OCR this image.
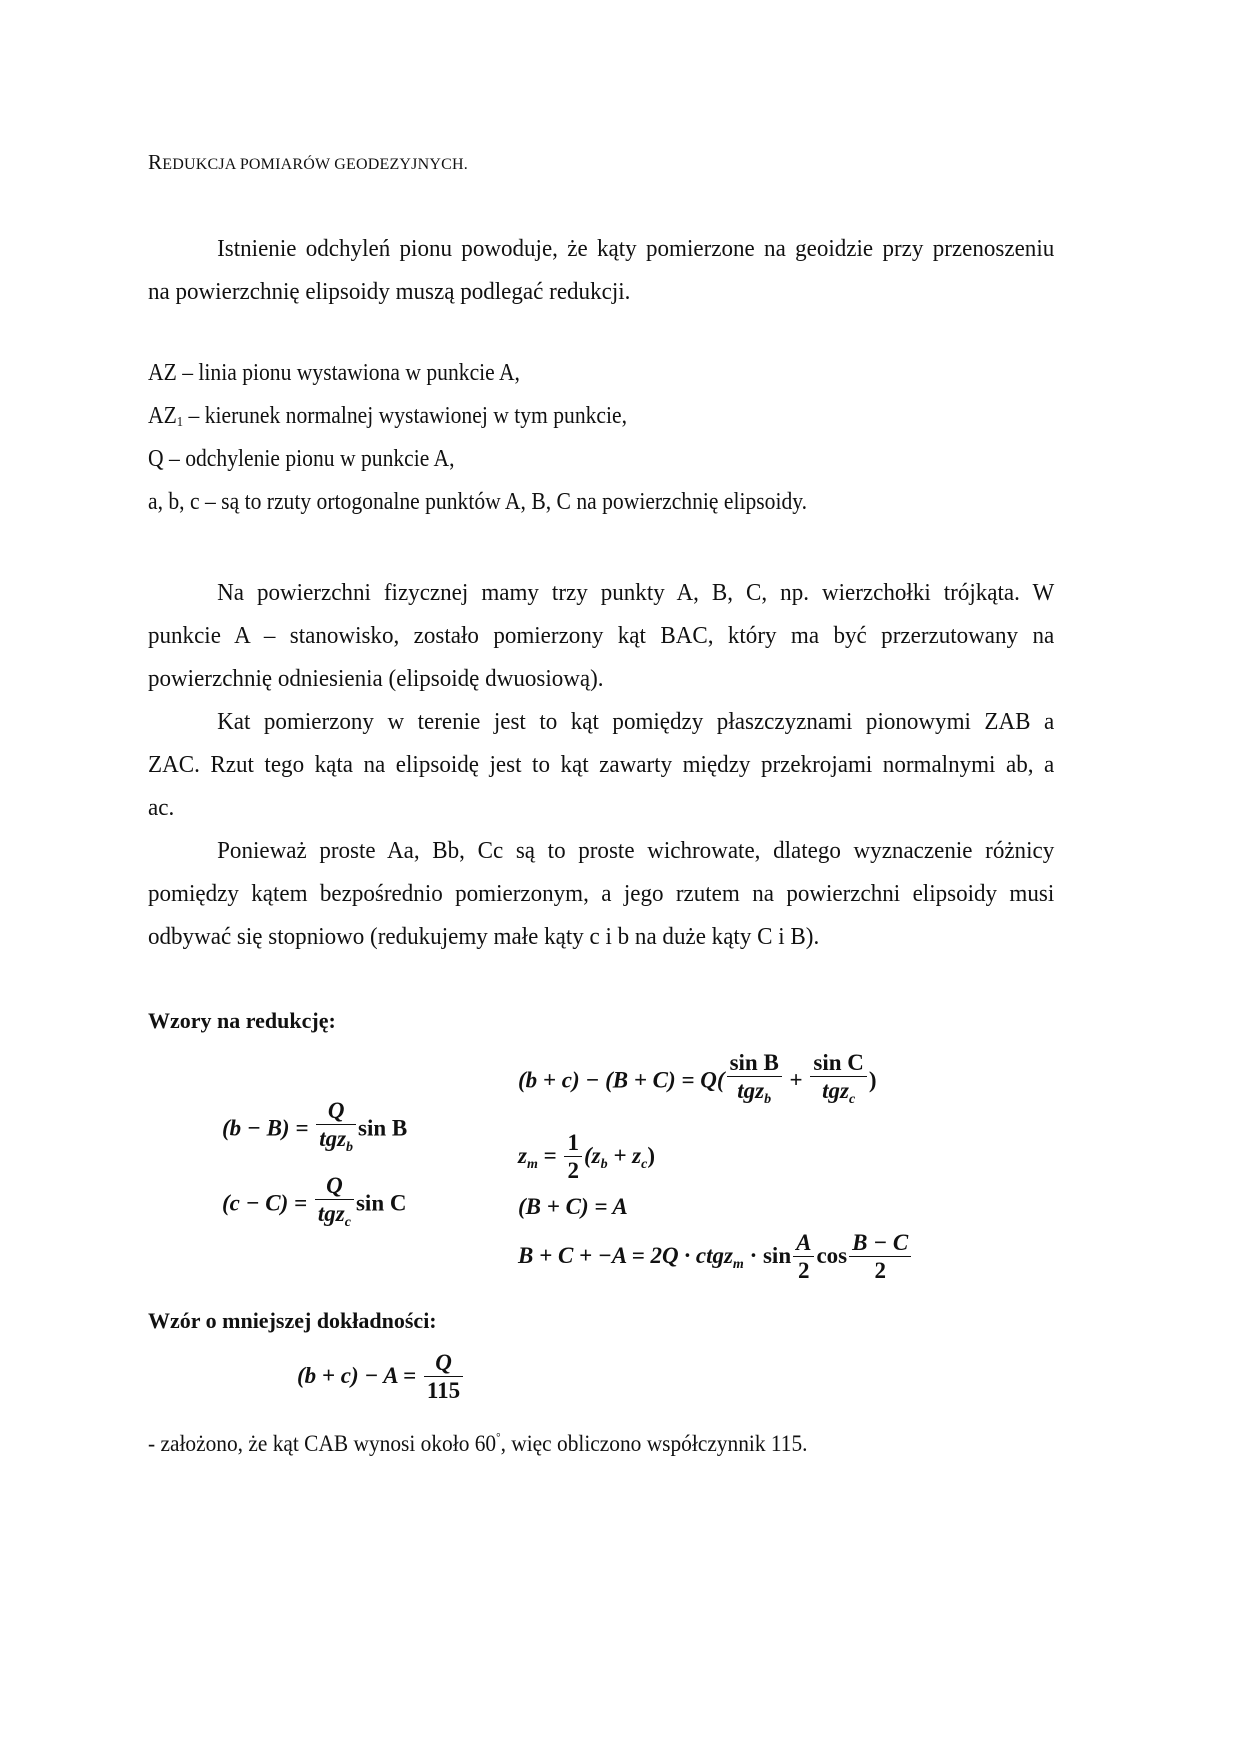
REDUKCJA POMIARÓW GEODEZYJNYCH.
Istnienie odchyleń pionu powoduje, że kąty pomierzone na geoidzie przy przenoszeniu
na powierzchnię elipsoidy muszą podlegać redukcji.
AZ – linia pionu wystawiona w punkcie A,
$AZ_1$ – kierunek normalnej wystawionej w tym punkcie,
Q – odchylenie pionu w punkcie A,
a, b, c – są to rzuty ortogonalne punktów A, B, C na powierzchnię elipsoidy.
Na powierzchni fizycznej mamy trzy punkty A, B, C, np. wierzchołki trójkąta. W
punkcie A – stanowisko, zostało pomierzony kąt BAC, który ma być przerzutowany na
powierzchnię odniesienia (elipsoidę dwuosiową).
Kat pomierzony w terenie jest to kąt pomiędzy płaszczyznami pionowymi ZAB a
ZAC. Rzut tego kąta na elipsoidę jest to kąt zawarty między przekrojami normalnymi ab, a
ac.
Ponieważ proste Aa, Bb, Cc są to proste wichrowate, dlatego wyznaczenie różnicy
pomiędzy kątem bezpośrednio pomierzonym, a jego rzutem na powierzchni elipsoidy musi
odbywać się stopniowo (redukujemy małe kąty c i b na duże kąty C i B).
Wzory na redukcję:
$(b - B) = \frac{Q}{tgz_b}$ sin B
$(c - C) = \frac{Q}{tgz_c}$ sin C
$(b + c) - (B + C) = Q( \frac{\text{sin B}}{tgz_b} + \frac{\text{sin C}}{tgz_c}$ )
$z_m = \frac{1}{2} (z_b + z_c)$
(B + C) = A
B + C + −A = 2Q · ctgz$_m$ · $\sin \frac{A}{2}$ $\cos \frac{B - C}{2}$
Wzór o mniejszej dokładności:
$(b + c) - A = \frac{Q}{115}$
- założono, że kąt CAB wynosi około 60°, więc obliczono współczynnik 115.
